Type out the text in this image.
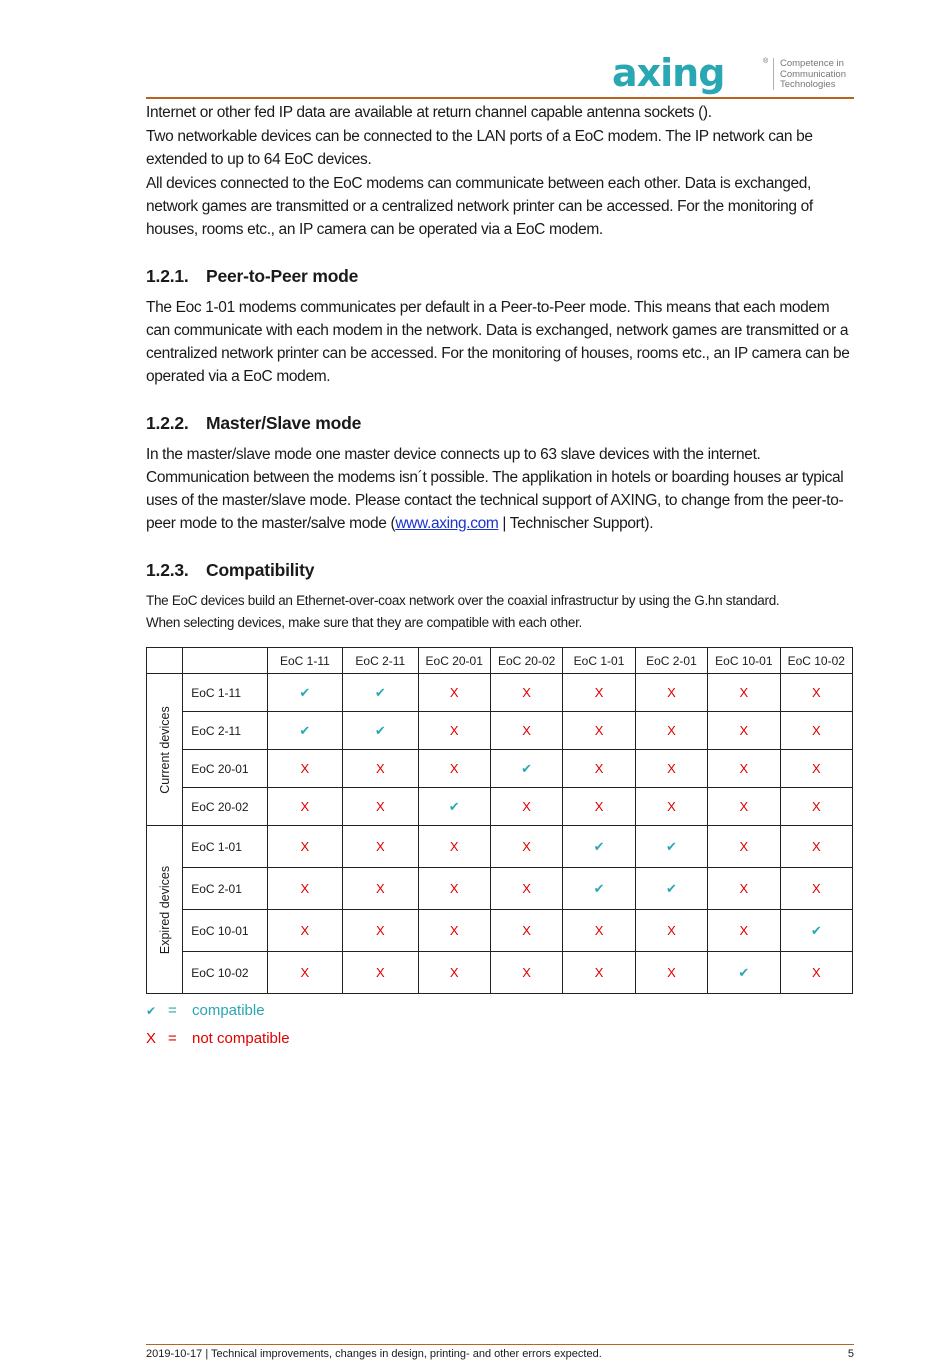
axing	® Competence in
Communication
Technologies

Internet or other fed IP data are available at return channel capable antenna sockets ().

Two networkable devices can be connected to the LAN ports of a EoC modem. The IP network can be extended to up to 64 EoC devices.

All devices connected to the EoC modems can communicate between each other. Data is exchanged, network games are transmitted or a centralized network printer can be accessed. For the monitoring of houses, rooms etc., an IP camera can be operated via a EoC modem.

1.2.1. Peer-to-Peer mode

The Eoc 1-01 modems communicates per default in a Peer-to-Peer mode. This means that each modem can communicate with each modem in the network. Data is exchanged, network games are transmitted or a centralized network printer can be accessed. For the monitoring of houses, rooms etc., an IP camera can be operated via a EoC modem.

1.2.2. Master/Slave mode

In the master/slave mode one master device connects up to 63 slave devices with the internet. Communication between the modems isn´t possible. The applikation in hotels or boarding houses ar typical uses of the master/slave mode. Please contact the technical support of AXING, to change from the peer-to-peer mode to the master/salve mode (www.axing.com | Technischer Support).

1.2.3. Compatibility

The EoC devices build an Ethernet-over-coax network over the coaxial infrastructur by using the G.hn standard.

When selecting devices, make sure that they are compatible with each other.

		EoC 1-11	EoC 2-11	EoC 20-01	EoC 20-02	EoC 1-01	EoC 2-01	EoC 10-01	EoC 10-02

Current devices	EoC 1-11	✔	✔	X	X	X	X	X	X
	EoC 2-11	✔	✔	X	X	X	X	X	X
	EoC 20-01	X	X	X	✔	X	X	X	X
	EoC 20-02	X	X	✔	X	X	X	X	X

Expired devices	EoC 1-01	X	X	X	X	✔	✔	X	X
	EoC 2-01	X	X	X	X	✔	✔	X	X
	EoC 10-01	X	X	X	X	X	X	X	✔
	EoC 10-02	X	X	X	X	X	X	✔	X
✔ =	compatible
X =	not compatible
2019-10-17 | Technical improvements, changes in design, printing- and other errors expected.	5
